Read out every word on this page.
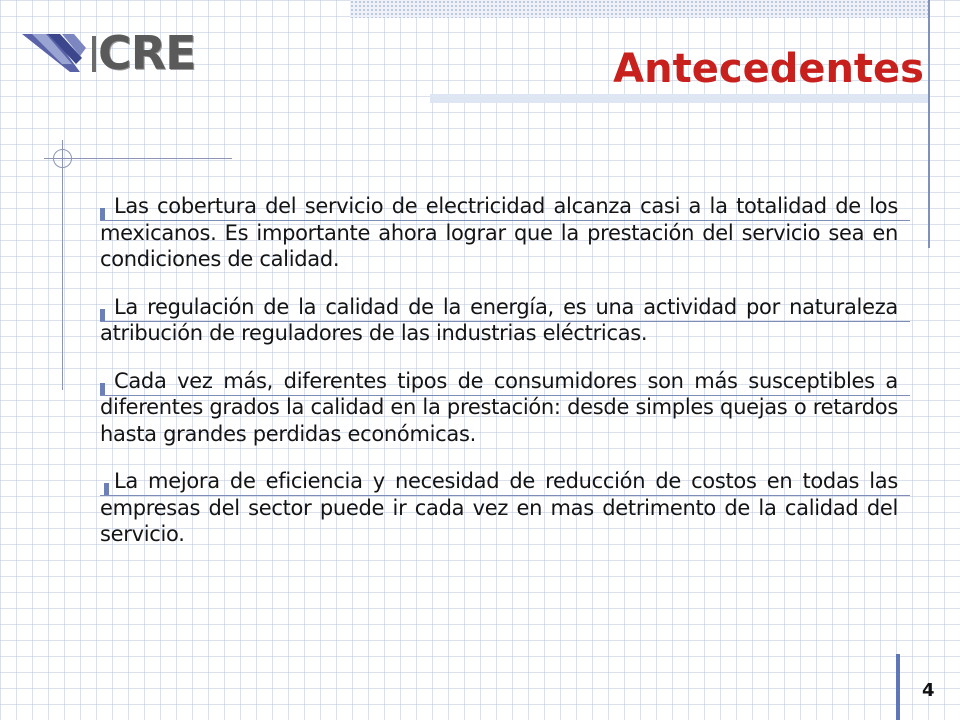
CRE	Antecedentes
Las cobertura del servicio de electricidad alcanza casi a la totalidad de los mexicanos. Es importante ahora lograr que la prestación del servicio sea en condiciones de calidad.
La regulación de la calidad de la energía, es una actividad por naturaleza atribución de reguladores de las industrias eléctricas.
Cada vez más, diferentes tipos de consumidores son más susceptibles a diferentes grados la calidad en la prestación: desde simples quejas o retardos hasta grandes perdidas económicas.
La mejora de eficiencia y necesidad de reducción de costos en todas las empresas del sector puede ir cada vez en mas detrimento de la calidad del servicio.
4
